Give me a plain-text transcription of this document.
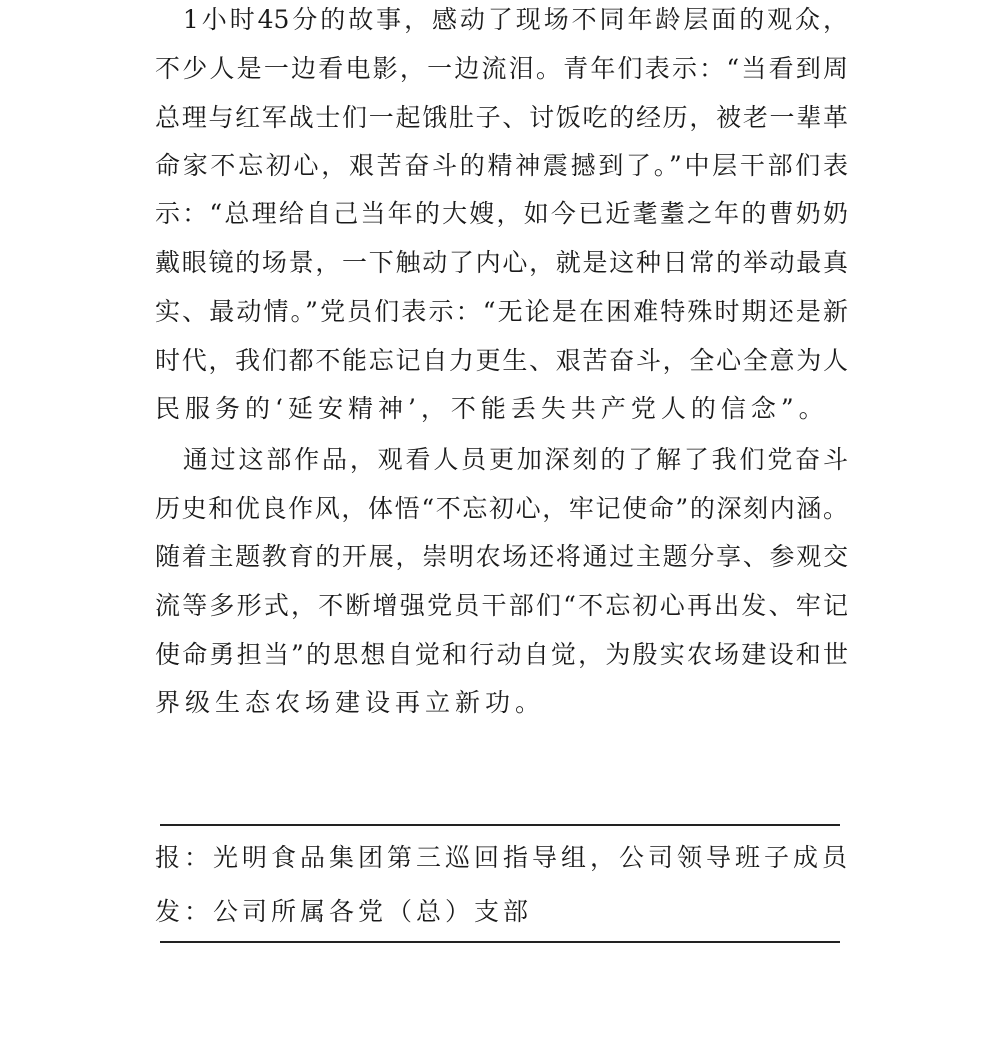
　1小时45分的故事，感动了现场不同年龄层面的观众，
不少人是一边看电影，一边流泪。青年们表示：“当看到周
总理与红军战士们一起饿肚子、讨饭吃的经历，被老一辈革
命家不忘初心，艰苦奋斗的精神震撼到了。”中层干部们表
示：“总理给自己当年的大嫂，如今已近耄耋之年的曹奶奶
戴眼镜的场景，一下触动了内心，就是这种日常的举动最真
实、最动情。”党员们表示：“无论是在困难特殊时期还是新
时代，我们都不能忘记自力更生、艰苦奋斗，全心全意为人
民服务的‘延安精神’，不能丢失共产党人的信念”。
　通过这部作品，观看人员更加深刻的了解了我们党奋斗
历史和优良作风，体悟“不忘初心，牢记使命”的深刻内涵。
随着主题教育的开展，崇明农场还将通过主题分享、参观交
流等多形式，不断增强党员干部们“不忘初心再出发、牢记
使命勇担当”的思想自觉和行动自觉，为殷实农场建设和世
界级生态农场建设再立新功。
报：光明食品集团第三巡回指导组，公司领导班子成员
发：公司所属各党（总）支部
